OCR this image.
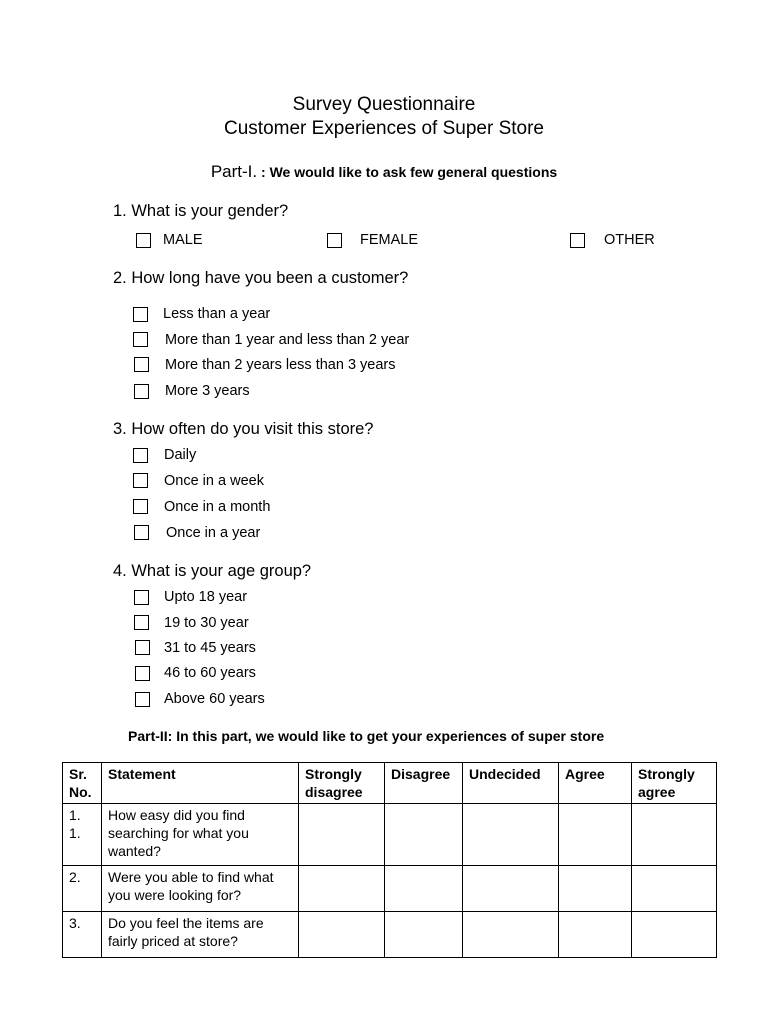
Survey Questionnaire
Customer Experiences of Super Store
Part-I. : We would like to ask few general questions
1. What is your gender?
MALE	FEMALE	OTHER
2. How long have you been a customer?
Less than a year
More than 1 year and less than 2 year
More than 2 years less than 3 years
More 3 years
3. How often do you visit this store?
Daily
Once in a week
Once in a month
Once in a year
4. What is your age group?
Upto 18 year
19 to 30 year
31 to 45 years
46 to 60 years
Above 60 years
Part-II: In this part, we would like to get your experiences of super store
Sr. No.	Statement	Strongly disagree	Disagree	Undecided	Agree	Strongly agree
1. 1.	How easy did you find searching for what you wanted?					
2.	Were you able to find what you were looking for?					
3.	Do you feel the items are fairly priced at store?					
